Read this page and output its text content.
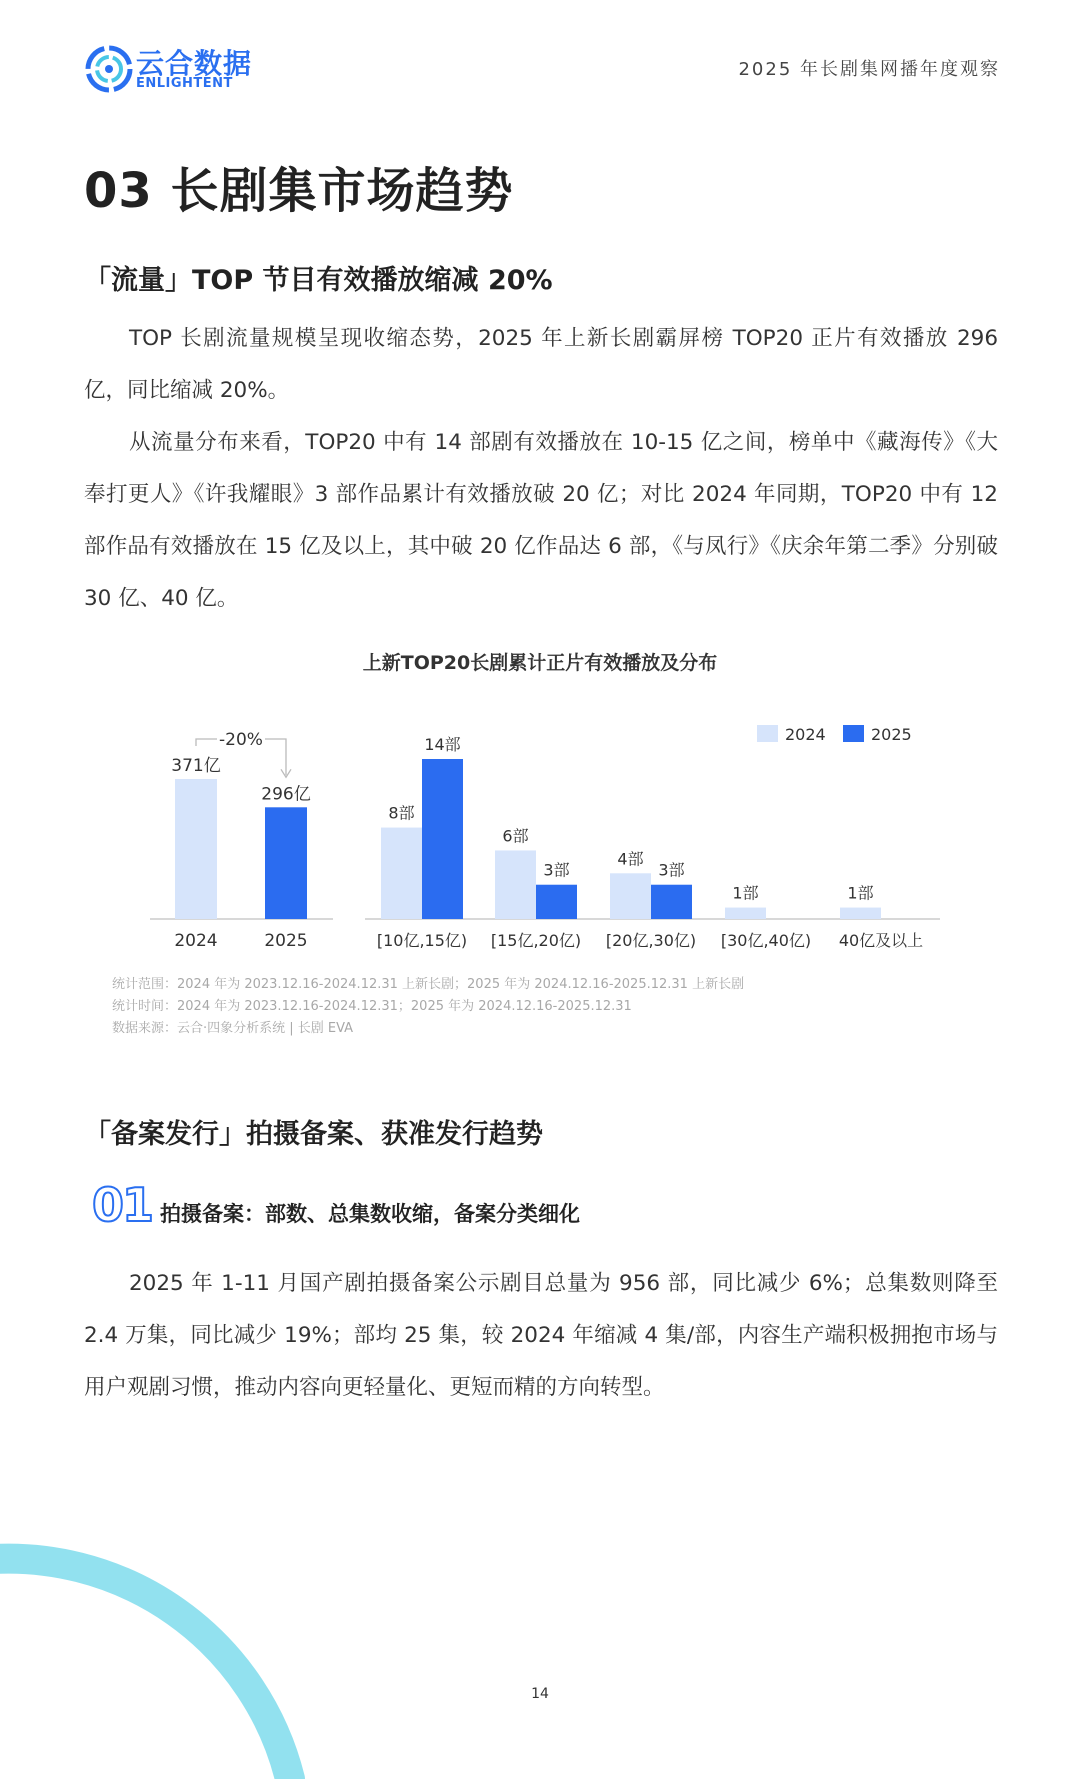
云合数据
ENLIGHTENT
2025 年长剧集网播年度观察
03 长剧集市场趋势
「流量」TOP 节目有效播放缩减 20%
TOP 长剧流量规模呈现收缩态势，2025 年上新长剧霸屏榜 TOP20 正片有效播放 296 亿，同比缩减 20%。
从流量分布来看，TOP20 中有 14 部剧有效播放在 10-15 亿之间，榜单中《藏海传》《大奉打更人》《许我耀眼》3 部作品累计有效播放破 20 亿；对比 2024 年同期，TOP20 中有 12 部作品有效播放在 15 亿及以上，其中破 20 亿作品达 6 部，《与凤行》《庆余年第二季》分别破 30 亿、40 亿。
上新TOP20长剧累计正片有效播放及分布
371亿
2024
296亿
2025
-20%
8部
14部
[10亿,15亿)
6部
3部
[15亿,20亿)
4部
3部
[20亿,30亿)
1部
[30亿,40亿)
1部
40亿及以上
2024	2025
统计范围：2024 年为 2023.12.16-2024.12.31 上新长剧；2025 年为 2024.12.16-2025.12.31 上新长剧
统计时间：2024 年为 2023.12.16-2024.12.31；2025 年为 2024.12.16-2025.12.31
数据来源：云合·四象分析系统 | 长剧 EVA
「备案发行」拍摄备案、获准发行趋势
01 拍摄备案：部数、总集数收缩，备案分类细化
2025 年 1-11 月国产剧拍摄备案公示剧目总量为 956 部，同比减少 6%；总集数则降至 2.4 万集，同比减少 19%；部均 25 集，较 2024 年缩减 4 集/部，内容生产端积极拥抱市场与用户观剧习惯，推动内容向更轻量化、更短而精的方向转型。
14
